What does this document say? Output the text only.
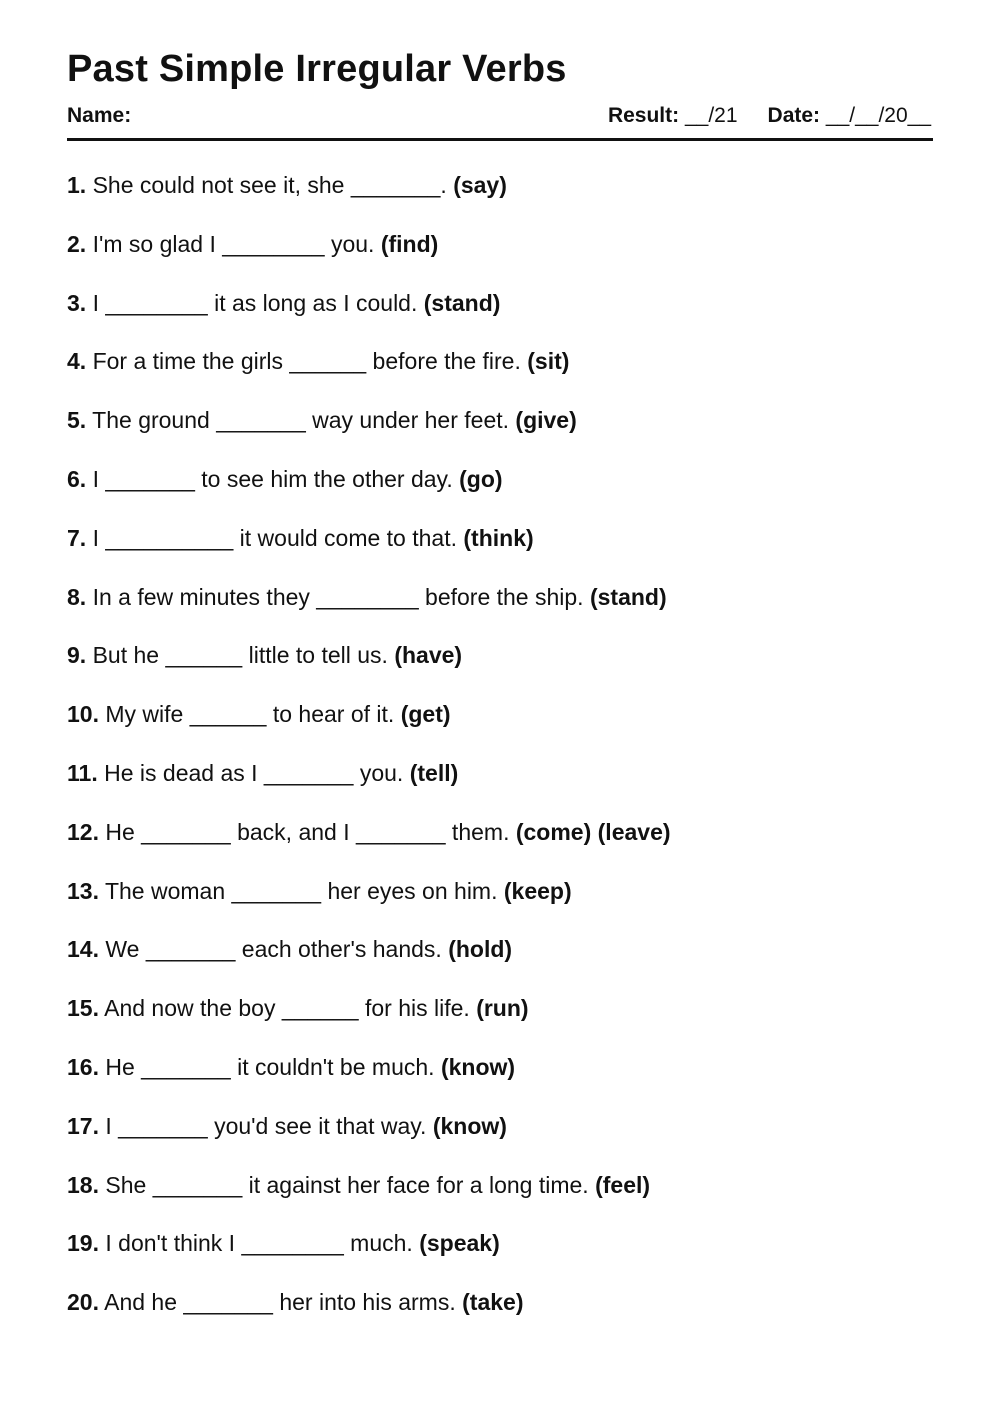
Past Simple Irregular Verbs
Name:	Result: __/21 Date: __/__/20__
1. She could not see it, she _______. (say)
2. I'm so glad I ________ you. (find)
3. I ________ it as long as I could. (stand)
4. For a time the girls ______ before the fire. (sit)
5. The ground _______ way under her feet. (give)
6. I _______ to see him the other day. (go)
7. I __________ it would come to that. (think)
8. In a few minutes they ________ before the ship. (stand)
9. But he ______ little to tell us. (have)
10. My wife ______ to hear of it. (get)
11. He is dead as I _______ you. (tell)
12. He _______ back, and I _______ them. (come) (leave)
13. The woman _______ her eyes on him. (keep)
14. We _______ each other's hands. (hold)
15. And now the boy ______ for his life. (run)
16. He _______ it couldn't be much. (know)
17. I _______ you'd see it that way. (know)
18. She _______ it against her face for a long time. (feel)
19. I don't think I ________ much. (speak)
20. And he _______ her into his arms. (take)
